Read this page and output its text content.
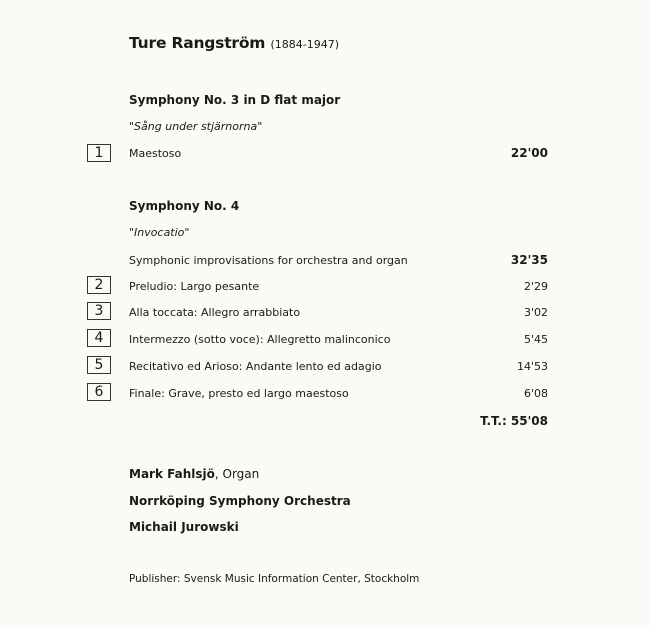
Ture Rangström (1884-1947)
Symphony No. 3 in D flat major
"Sång under stjärnorna"
1	Maestoso	22'00
Symphony No. 4
"Invocatio"
Symphonic improvisations for orchestra and organ	32'35
2	Preludio: Largo pesante	2'29
3	Alla toccata: Allegro arrabbiato	3'02
4	Intermezzo (sotto voce): Allegretto malinconico	5'45
5	Recitativo ed Arioso: Andante lento ed adagio	14'53
6	Finale: Grave, presto ed largo maestoso	6'08
T.T.: 55'08
Mark Fahlsjö, Organ
Norrköping Symphony Orchestra
Michail Jurowski
Publisher: Svensk Music Information Center, Stockholm
